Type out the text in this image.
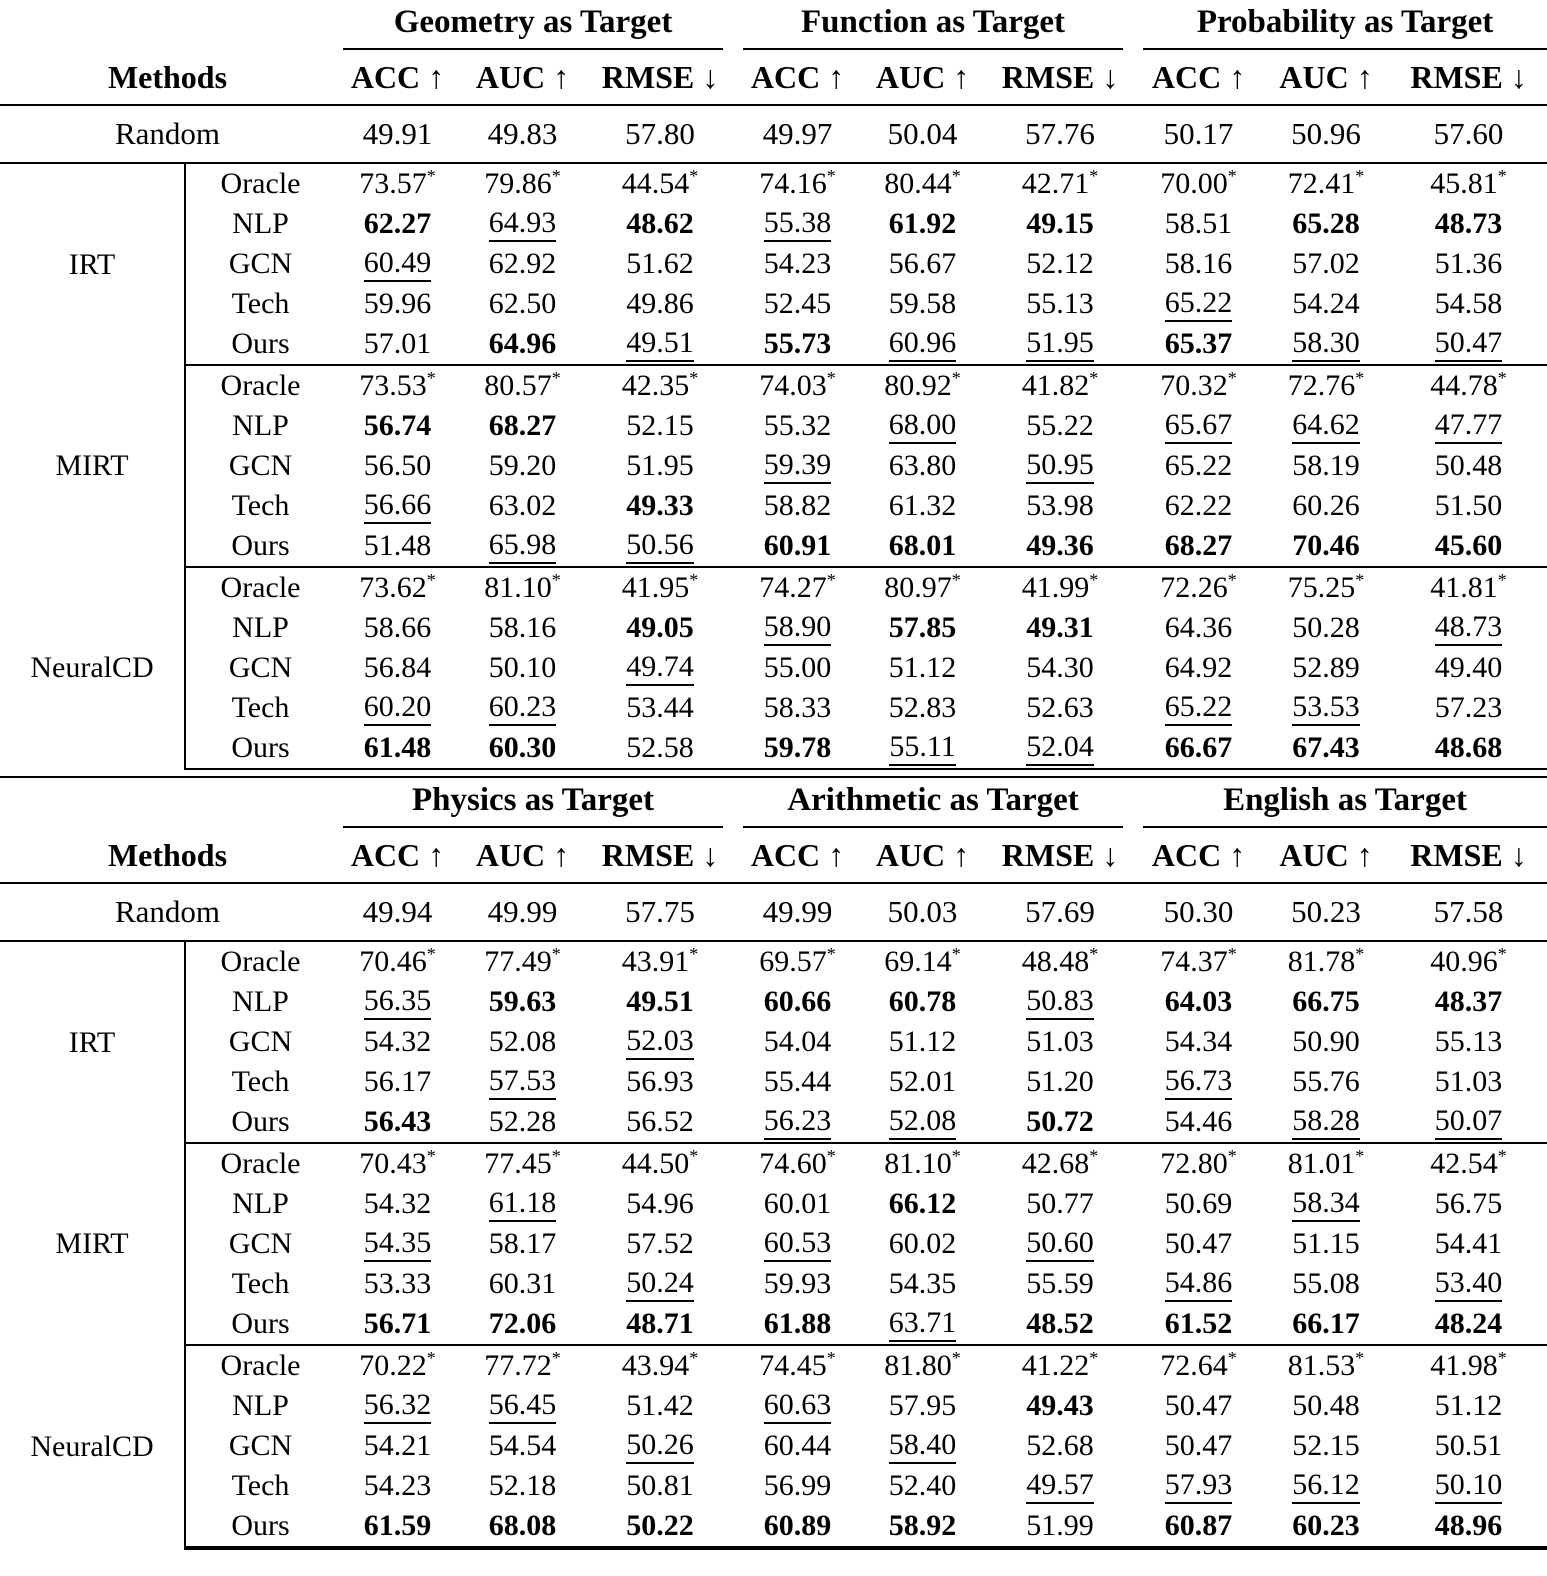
		Geometry as Target			Function as Target			Probability as Target		

Methods		ACC ↑	AUC ↑	RMSE ↓	ACC ↑	AUC ↑	RMSE ↓	ACC ↑	AUC ↑	RMSE ↓
Random		49.91	49.83	57.80	49.97	50.04	57.76	50.17	50.96	57.60
IRT	Oracle	73.57*	79.86*	44.54*	74.16*	80.44*	42.71*	70.00*	72.41*	45.81*
	NLP	62.27	64.93	48.62	55.38	61.92	49.15	58.51	65.28	48.73
	GCN	60.49	62.92	51.62	54.23	56.67	52.12	58.16	57.02	51.36
	Tech	59.96	62.50	49.86	52.45	59.58	55.13	65.22	54.24	54.58
	Ours	57.01	64.96	49.51	55.73	60.96	51.95	65.37	58.30	50.47
MIRT	Oracle	73.53*	80.57*	42.35*	74.03*	80.92*	41.82*	70.32*	72.76*	44.78*
	NLP	56.74	68.27	52.15	55.32	68.00	55.22	65.67	64.62	47.77
	GCN	56.50	59.20	51.95	59.39	63.80	50.95	65.22	58.19	50.48
	Tech	56.66	63.02	49.33	58.82	61.32	53.98	62.22	60.26	51.50
	Ours	51.48	65.98	50.56	60.91	68.01	49.36	68.27	70.46	45.60
NeuralCD	Oracle	73.62*	81.10*	41.95*	74.27*	80.97*	41.99*	72.26*	75.25*	41.81*
	NLP	58.66	58.16	49.05	58.90	57.85	49.31	64.36	50.28	48.73
	GCN	56.84	50.10	49.74	55.00	51.12	54.30	64.92	52.89	49.40
	Tech	60.20	60.23	53.44	58.33	52.83	52.63	65.22	53.53	57.23
	Ours	61.48	60.30	52.58	59.78	55.11	52.04	66.67	67.43	48.68

		Physics as Target			Arithmetic as Target			English as Target		

Methods		ACC ↑	AUC ↑	RMSE ↓	ACC ↑	AUC ↑	RMSE ↓	ACC ↑	AUC ↑	RMSE ↓
Random		49.94	49.99	57.75	49.99	50.03	57.69	50.30	50.23	57.58
IRT	Oracle	70.46*	77.49*	43.91*	69.57*	69.14*	48.48*	74.37*	81.78*	40.96*
	NLP	56.35	59.63	49.51	60.66	60.78	50.83	64.03	66.75	48.37
	GCN	54.32	52.08	52.03	54.04	51.12	51.03	54.34	50.90	55.13
	Tech	56.17	57.53	56.93	55.44	52.01	51.20	56.73	55.76	51.03
	Ours	56.43	52.28	56.52	56.23	52.08	50.72	54.46	58.28	50.07
MIRT	Oracle	70.43*	77.45*	44.50*	74.60*	81.10*	42.68*	72.80*	81.01*	42.54*
	NLP	54.32	61.18	54.96	60.01	66.12	50.77	50.69	58.34	56.75
	GCN	54.35	58.17	57.52	60.53	60.02	50.60	50.47	51.15	54.41
	Tech	53.33	60.31	50.24	59.93	54.35	55.59	54.86	55.08	53.40
	Ours	56.71	72.06	48.71	61.88	63.71	48.52	61.52	66.17	48.24
NeuralCD	Oracle	70.22*	77.72*	43.94*	74.45*	81.80*	41.22*	72.64*	81.53*	41.98*
	NLP	56.32	56.45	51.42	60.63	57.95	49.43	50.47	50.48	51.12
	GCN	54.21	54.54	50.26	60.44	58.40	52.68	50.47	52.15	50.51
	Tech	54.23	52.18	50.81	56.99	52.40	49.57	57.93	56.12	50.10
	Ours	61.59	68.08	50.22	60.89	58.92	51.99	60.87	60.23	48.96
